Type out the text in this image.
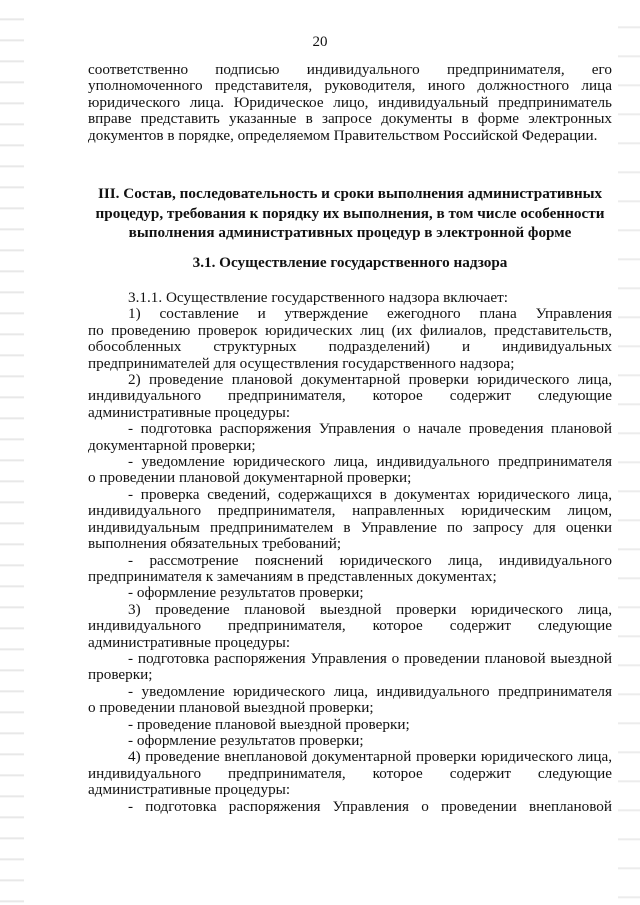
20
соответственно подписью индивидуального предпринимателя, его
уполномоченного представителя, руководителя, иного должностного лица
юридического лица. Юридическое лицо, индивидуальный предприниматель
вправе представить указанные в запросе документы в форме электронных
документов в порядке, определяемом Правительством Российской Федерации.
III. Состав, последовательность и сроки выполнения административных
процедур, требования к порядку их выполнения, в том числе особенности
выполнения административных процедур в электронной форме
3.1. Осуществление государственного надзора
3.1.1. Осуществление государственного надзора включает:
1) составление и утверждение ежегодного плана Управления
по проведению проверок юридических лиц (их филиалов, представительств,
обособленных структурных подразделений) и индивидуальных
предпринимателей для осуществления государственного надзора;
2) проведение плановой документарной проверки юридического лица,
индивидуального предпринимателя, которое содержит следующие
административные процедуры:
- подготовка распоряжения Управления о начале проведения плановой
документарной проверки;
- уведомление юридического лица, индивидуального предпринимателя
о проведении плановой документарной проверки;
- проверка сведений, содержащихся в документах юридического лица,
индивидуального предпринимателя, направленных юридическим лицом,
индивидуальным предпринимателем в Управление по запросу для оценки
выполнения обязательных требований;
- рассмотрение пояснений юридического лица, индивидуального
предпринимателя к замечаниям в представленных документах;
- оформление результатов проверки;
3) проведение плановой выездной проверки юридического лица,
индивидуального предпринимателя, которое содержит следующие
административные процедуры:
- подготовка распоряжения Управления о проведении плановой выездной
проверки;
- уведомление юридического лица, индивидуального предпринимателя
о проведении плановой выездной проверки;
- проведение плановой выездной проверки;
- оформление результатов проверки;
4) проведение внеплановой документарной проверки юридического лица,
индивидуального предпринимателя, которое содержит следующие
административные процедуры:
- подготовка распоряжения Управления о проведении внеплановой
